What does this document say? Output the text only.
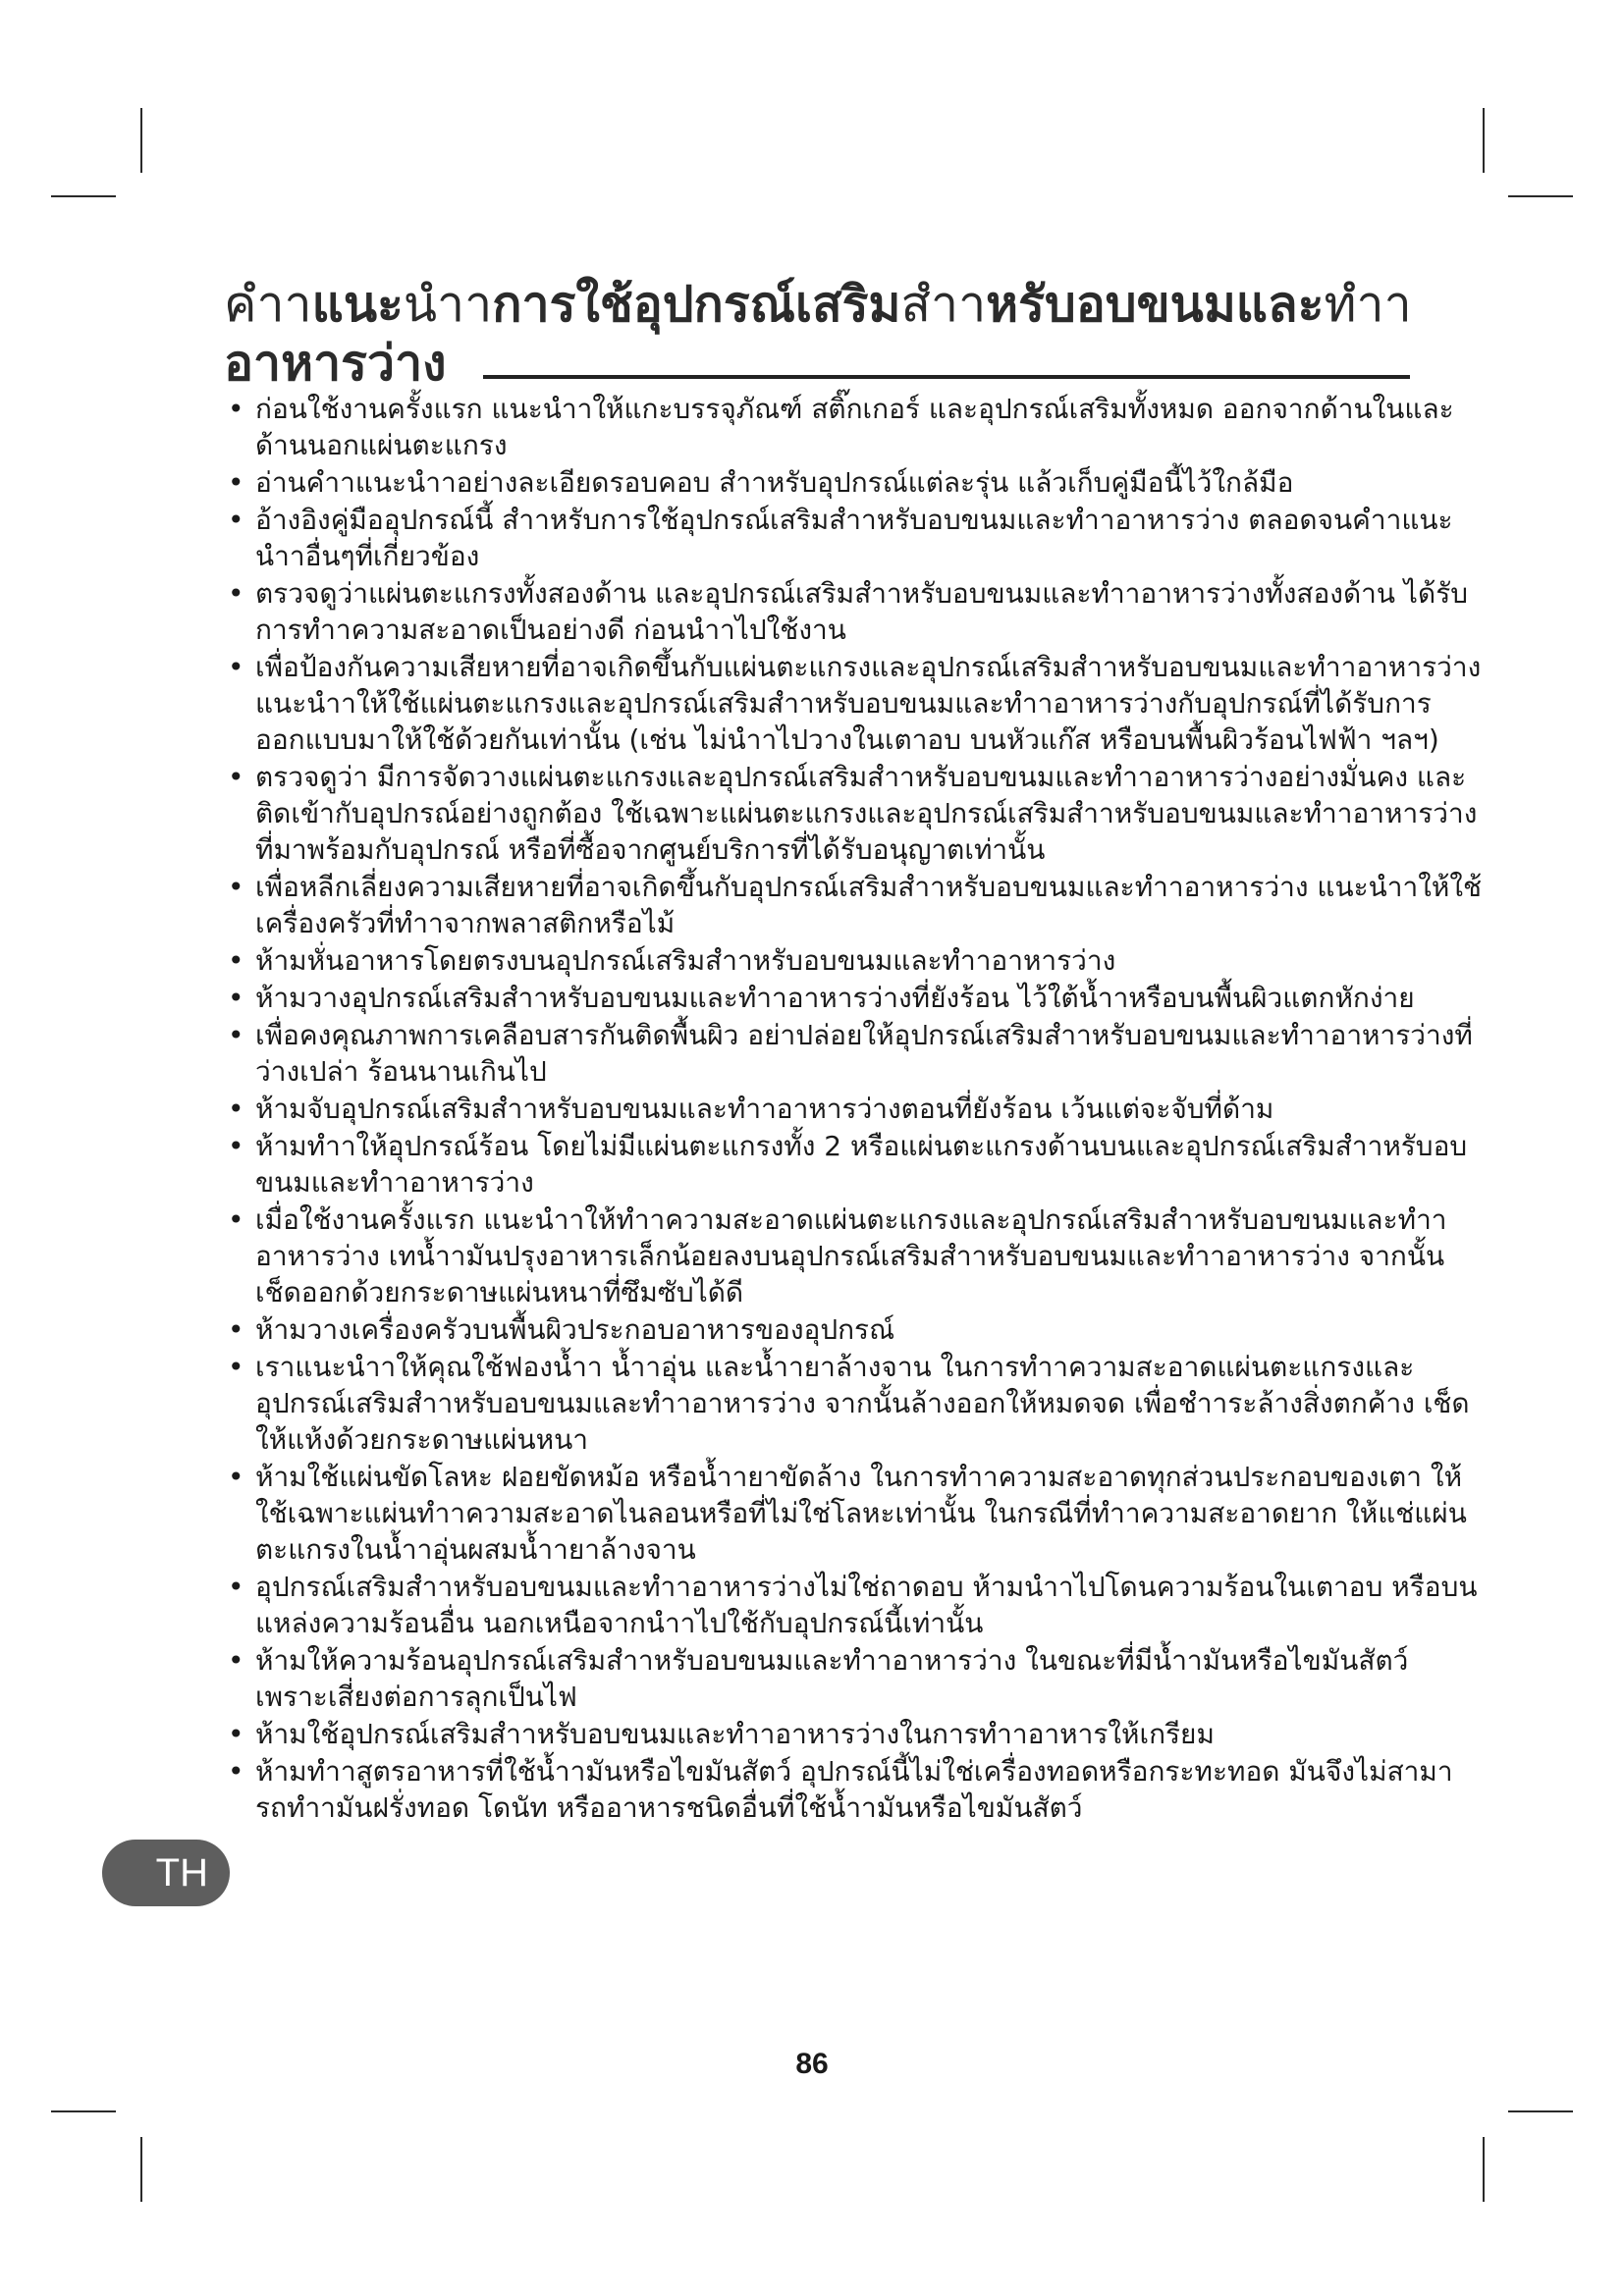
คำาแนะนำาการใช้อุปกรณ์เสริมสำาหรับอบขนมและทำา
อาหารว่าง
• ก่อนใช้งานครั้งแรก แนะนำาให้แกะบรรจุภัณฑ์ สติ๊กเกอร์ และอุปกรณ์เสริมทั้งหมด ออกจากด้านในและด้านนอกแผ่นตะแกรง
• อ่านคำาแนะนำาอย่างละเอียดรอบคอบ สำาหรับอุปกรณ์แต่ละรุ่น แล้วเก็บคู่มือนี้ไว้ใกล้มือ
• อ้างอิงคู่มืออุปกรณ์นี้ สำาหรับการใช้อุปกรณ์เสริมสำาหรับอบขนมและทำาอาหารว่าง ตลอดจนคำาแนะนำาอื่นๆที่เกี่ยวข้อง
• ตรวจดูว่าแผ่นตะแกรงทั้งสองด้าน และอุปกรณ์เสริมสำาหรับอบขนมและทำาอาหารว่างทั้งสองด้าน ได้รับการทำาความสะอาดเป็นอย่างดี ก่อนนำาไปใช้งาน
• เพื่อป้องกันความเสียหายที่อาจเกิดขึ้นกับแผ่นตะแกรงและอุปกรณ์เสริมสำาหรับอบขนมและทำาอาหารว่าง แนะนำาให้ใช้แผ่นตะแกรงและอุปกรณ์เสริมสำาหรับอบขนมและทำาอาหารว่างกับอุปกรณ์ที่ได้รับการออกแบบมาให้ใช้ด้วยกันเท่านั้น (เช่น ไม่นำาไปวางในเตาอบ บนหัวแก๊ส หรือบนพื้นผิวร้อนไฟฟ้า ฯลฯ)
• ตรวจดูว่า มีการจัดวางแผ่นตะแกรงและอุปกรณ์เสริมสำาหรับอบขนมและทำาอาหารว่างอย่างมั่นคง และติดเข้ากับอุปกรณ์อย่างถูกต้อง ใช้เฉพาะแผ่นตะแกรงและอุปกรณ์เสริมสำาหรับอบขนมและทำาอาหารว่างที่มาพร้อมกับอุปกรณ์ หรือที่ซื้อจากศูนย์บริการที่ได้รับอนุญาตเท่านั้น
• เพื่อหลีกเลี่ยงความเสียหายที่อาจเกิดขึ้นกับอุปกรณ์เสริมสำาหรับอบขนมและทำาอาหารว่าง แนะนำาให้ใช้เครื่องครัวที่ทำาจากพลาสติกหรือไม้
• ห้ามหั่นอาหารโดยตรงบนอุปกรณ์เสริมสำาหรับอบขนมและทำาอาหารว่าง
• ห้ามวางอุปกรณ์เสริมสำาหรับอบขนมและทำาอาหารว่างที่ยังร้อน ไว้ใต้น้ำาหรือบนพื้นผิวแตกหักง่าย
• เพื่อคงคุณภาพการเคลือบสารกันติดพื้นผิว อย่าปล่อยให้อุปกรณ์เสริมสำาหรับอบขนมและทำาอาหารว่างที่ว่างเปล่า ร้อนนานเกินไป
• ห้ามจับอุปกรณ์เสริมสำาหรับอบขนมและทำาอาหารว่างตอนที่ยังร้อน เว้นแต่จะจับที่ด้าม
• ห้ามทำาให้อุปกรณ์ร้อน โดยไม่มีแผ่นตะแกรงทั้ง 2 หรือแผ่นตะแกรงด้านบนและอุปกรณ์เสริมสำาหรับอบขนมและทำาอาหารว่าง
• เมื่อใช้งานครั้งแรก แนะนำาให้ทำาความสะอาดแผ่นตะแกรงและอุปกรณ์เสริมสำาหรับอบขนมและทำาอาหารว่าง เทน้ำามันปรุงอาหารเล็กน้อยลงบนอุปกรณ์เสริมสำาหรับอบขนมและทำาอาหารว่าง จากนั้นเช็ดออกด้วยกระดาษแผ่นหนาที่ซึมซับได้ดี
• ห้ามวางเครื่องครัวบนพื้นผิวประกอบอาหารของอุปกรณ์
• เราแนะนำาให้คุณใช้ฟองน้ำา น้ำาอุ่น และน้ำายาล้างจาน ในการทำาความสะอาดแผ่นตะแกรงและอุปกรณ์เสริมสำาหรับอบขนมและทำาอาหารว่าง จากนั้นล้างออกให้หมดจด เพื่อชำาระล้างสิ่งตกค้าง เช็ดให้แห้งด้วยกระดาษแผ่นหนา
• ห้ามใช้แผ่นขัดโลหะ ฝอยขัดหม้อ หรือน้ำายาขัดล้าง ในการทำาความสะอาดทุกส่วนประกอบของเตา ให้ใช้เฉพาะแผ่นทำาความสะอาดไนลอนหรือที่ไม่ใช่โลหะเท่านั้น ในกรณีที่ทำาความสะอาดยาก ให้แช่แผ่นตะแกรงในน้ำาอุ่นผสมน้ำายาล้างจาน
• อุปกรณ์เสริมสำาหรับอบขนมและทำาอาหารว่างไม่ใช่ถาดอบ ห้ามนำาไปโดนความร้อนในเตาอบ หรือบนแหล่งความร้อนอื่น นอกเหนือจากนำาไปใช้กับอุปกรณ์นี้เท่านั้น
• ห้ามให้ความร้อนอุปกรณ์เสริมสำาหรับอบขนมและทำาอาหารว่าง ในขณะที่มีน้ำามันหรือไขมันสัตว์ เพราะเสี่ยงต่อการลุกเป็นไฟ
• ห้ามใช้อุปกรณ์เสริมสำาหรับอบขนมและทำาอาหารว่างในการทำาอาหารให้เกรียม
• ห้ามทำาสูตรอาหารที่ใช้น้ำามันหรือไขมันสัตว์ อุปกรณ์นี้ไม่ใช่เครื่องทอดหรือกระทะทอด มันจึงไม่สามารถทำามันฝรั่งทอด โดนัท หรืออาหารชนิดอื่นที่ใช้น้ำามันหรือไขมันสัตว์
TH
86
